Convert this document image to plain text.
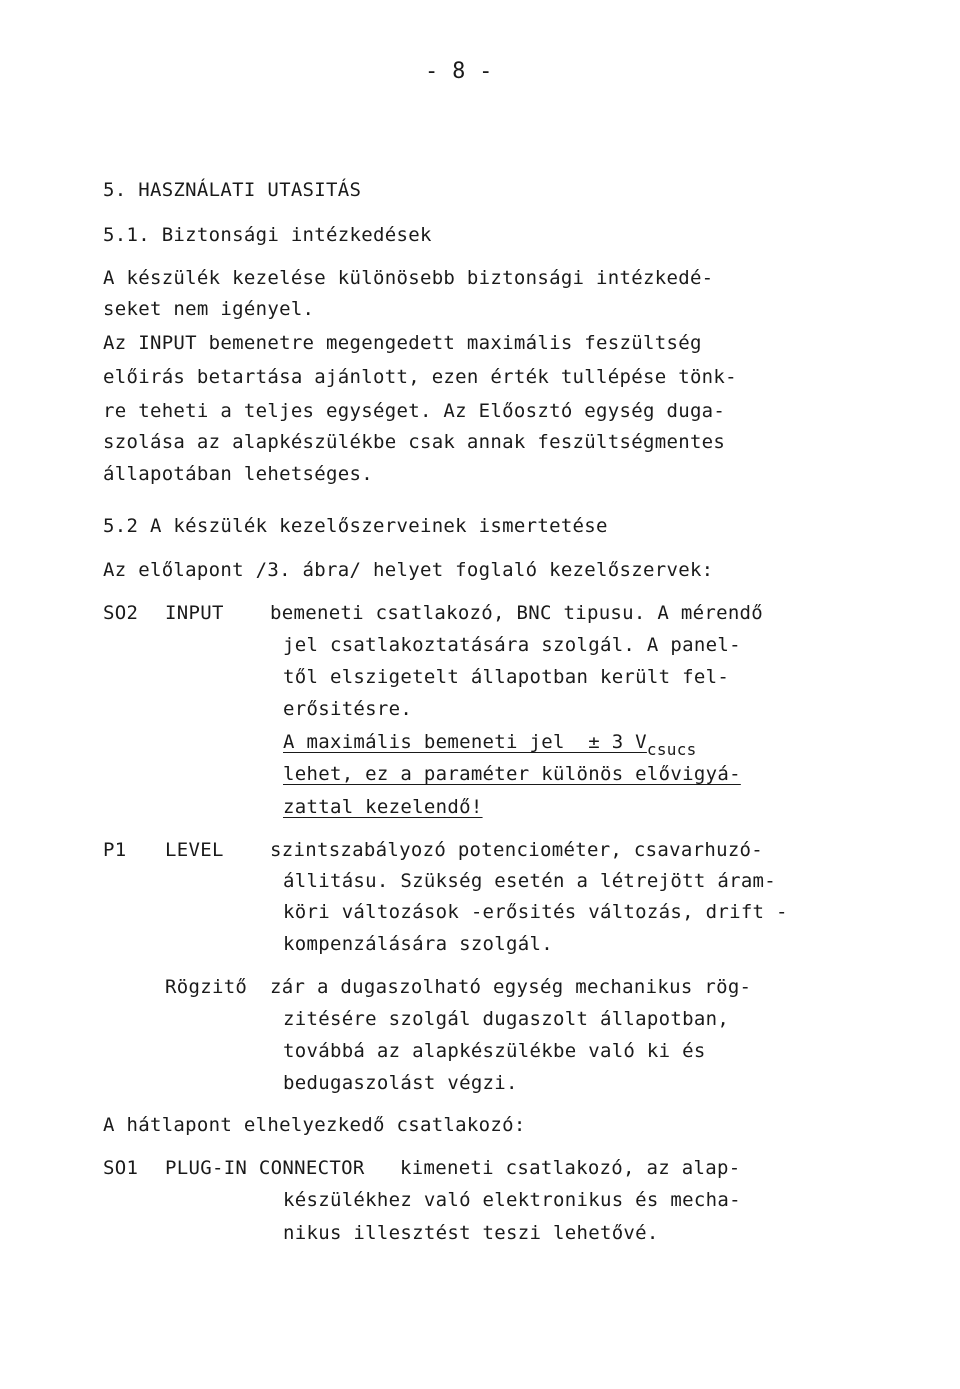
- 8 -
5. HASZNÁLATI UTASITÁS
5.1. Biztonsági intézkedések
A készülék kezelése különösebb biztonsági intézkedé-
seket nem igényel.
Az INPUT bemenetre megengedett maximális feszültség
előirás betartása ajánlott, ezen érték tullépése tönk-
re teheti a teljes egységet. Az Előosztó egység duga-
szolása az alapkészülékbe csak annak feszültségmentes
állapotában lehetséges.
5.2 A készülék kezelőszerveinek ismertetése
Az előlapont /3. ábra/ helyet foglaló kezelőszervek:
SO2 INPUT bemeneti csatlakozó, BNC tipusu. A mérendő
jel csatlakoztatására szolgál. A panel-
től elszigetelt állapotban került fel-
erősitésre.
A maximális bemeneti jel  ± 3 $V_{csucs}$
lehet, ez a paraméter különös elővigyá-
zattal kezelendő!
P1 LEVEL szintszabályozó potenciométer, csavarhuzó-
állitásu. Szükség esetén a létrejött áram-
köri változások -erősités változás, drift -
kompenzálására szolgál.
Rögzitő zár a dugaszolható egység mechanikus rög-
zitésére szolgál dugaszolt állapotban,
továbbá az alapkészülékbe való ki és
bedugaszolást végzi.
A hátlapont elhelyezkedő csatlakozó:
SO1 PLUG-IN CONNECTOR kimeneti csatlakozó, az alap-
készülékhez való elektronikus és mecha-
nikus illesztést teszi lehetővé.
